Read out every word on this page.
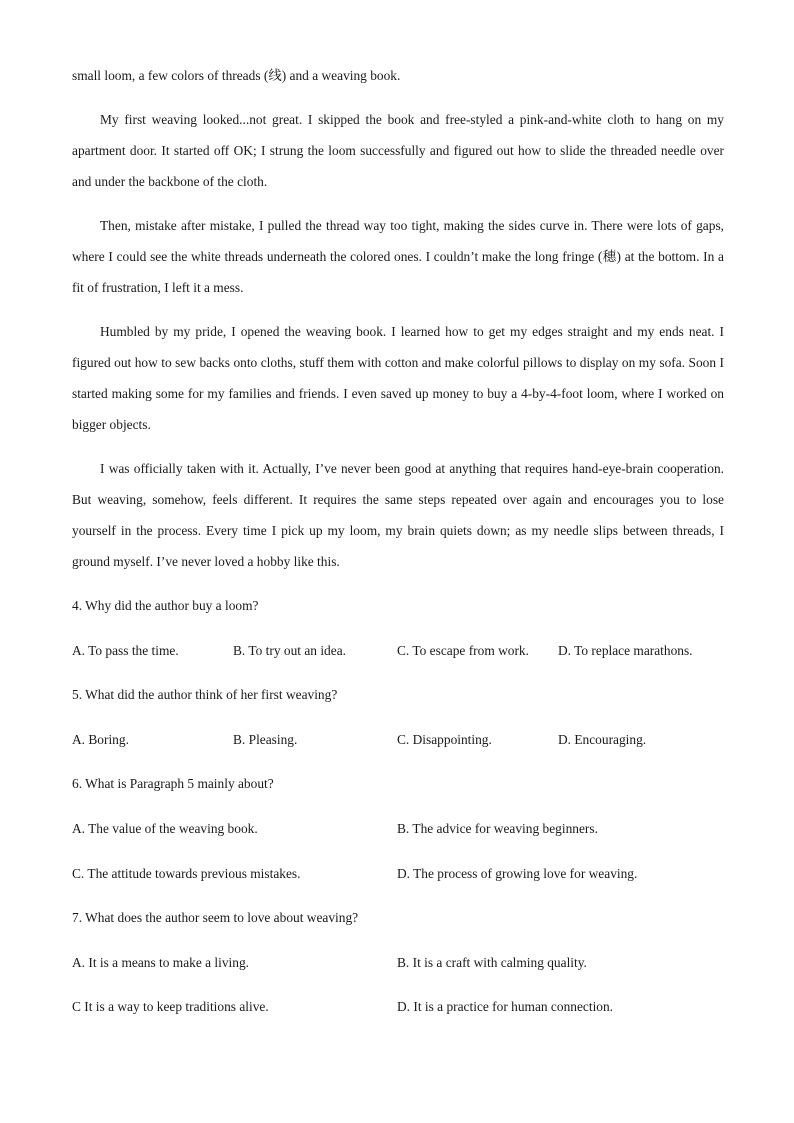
small loom, a few colors of threads (线) and a weaving book.

My first weaving looked...not great. I skipped the book and free-styled a pink-and-white cloth to hang on my apartment door. It started off OK; I strung the loom successfully and figured out how to slide the threaded needle over and under the backbone of the cloth.

Then, mistake after mistake, I pulled the thread way too tight, making the sides curve in. There were lots of gaps, where I could see the white threads underneath the colored ones. I couldn’t make the long fringe (穗) at the bottom. In a fit of frustration, I left it a mess.

Humbled by my pride, I opened the weaving book. I learned how to get my edges straight and my ends neat. I figured out how to sew backs onto cloths, stuff them with cotton and make colorful pillows to display on my sofa. Soon I started making some for my families and friends. I even saved up money to buy a 4-by-4-foot loom, where I worked on bigger objects.

I was officially taken with it. Actually, I’ve never been good at anything that requires hand-eye-brain cooperation. But weaving, somehow, feels different. It requires the same steps repeated over again and encourages you to lose yourself in the process. Every time I pick up my loom, my brain quiets down; as my needle slips between threads, I ground myself. I’ve never loved a hobby like this.

4. Why did the author buy a loom?

A. To pass the time.	B. To try out an idea.	C. To escape from work. D. To replace marathons.

5. What did the author think of her first weaving?

A. Boring.	B. Pleasing.	C. Disappointing.	D. Encouraging.

6. What is Paragraph 5 mainly about?

A. The value of the weaving book.	B. The advice for weaving beginners.
C. The attitude towards previous mistakes.	D. The process of growing love for weaving.

7. What does the author seem to love about weaving?

A. It is a means to make a living.	B. It is a craft with calming quality.
C It is a way to keep traditions alive.	D. It is a practice for human connection.
